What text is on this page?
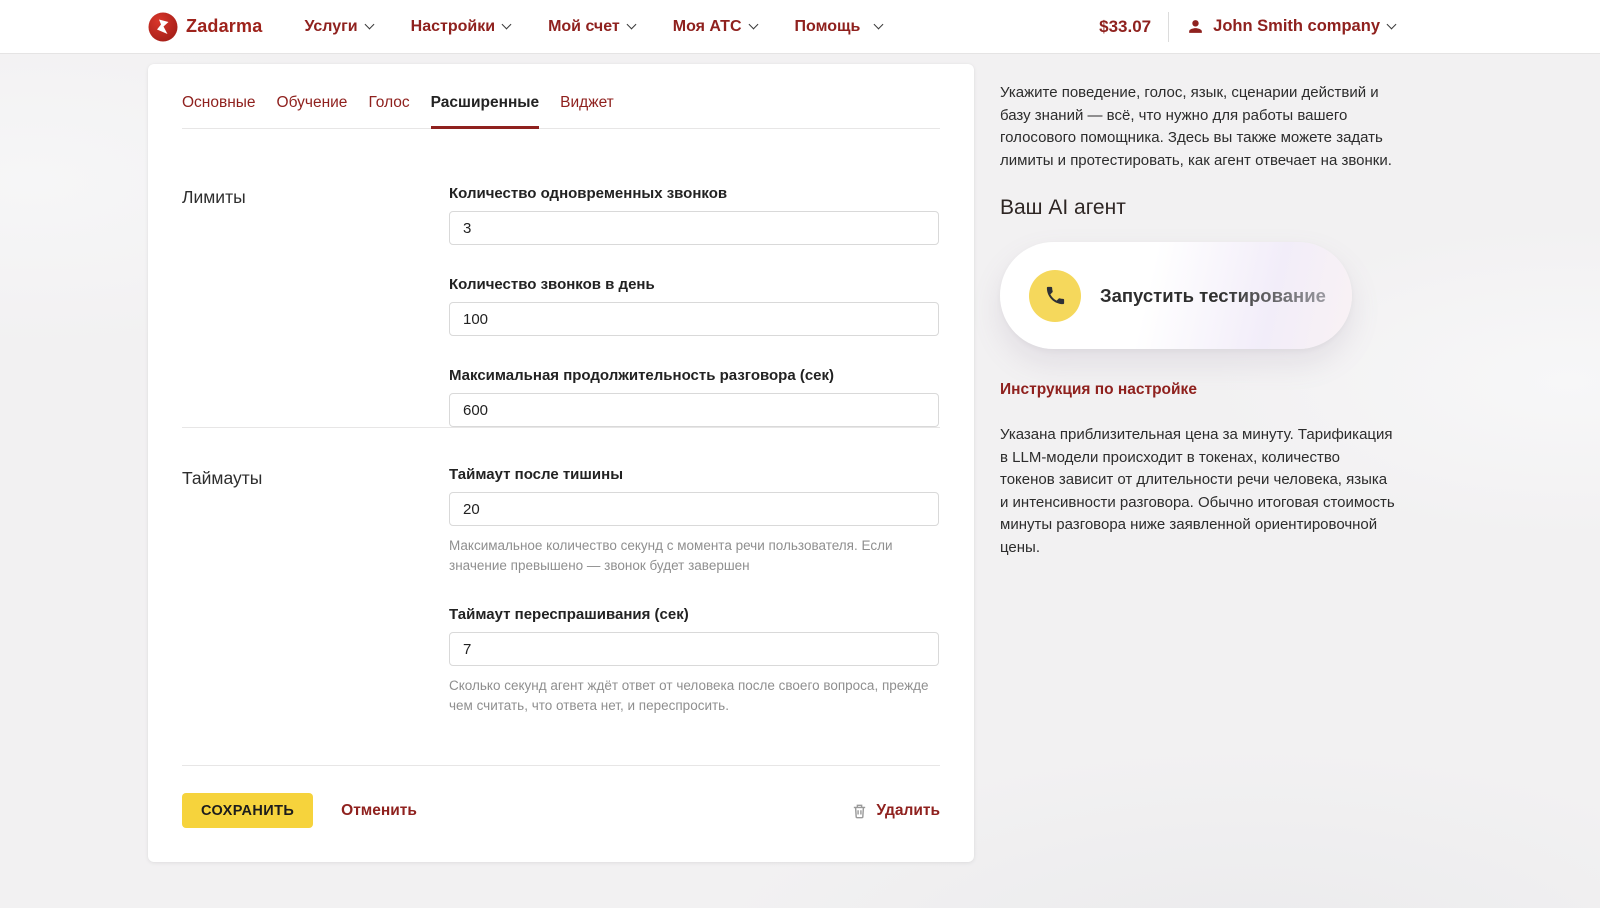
Zadarma	Услуги	Настройки	Мой счет	Моя АТС	Помощь	$33.07	John Smith company
Основные Обучение Голос Расширенные Виджет
Лимиты	Количество одновременных звонков
3
Количество звонков в день
100
Максимальная продолжительность разговора (сек)
600
Таймауты	Таймаут после тишины
20
Максимальное количество секунд с момента речи пользователя. Если значение превышено — звонок будет завершен
Таймаут переспрашивания (сек)
7
Сколько секунд агент ждёт ответ от человека после своего вопроса, прежде чем считать, что ответа нет, и переспросить.
СОХРАНИТЬ	Отменить	Удалить

Укажите поведение, голос, язык, сценарии действий и базу знаний — всё, что нужно для работы вашего голосового помощника. Здесь вы также можете задать лимиты и протестировать, как агент отвечает на звонки.

Ваш AI агент
Запустить тестирование
Инструкция по настройке

Указана приблизительная цена за минуту. Тарификация в LLM-модели происходит в токенах, количество токенов зависит от длительности речи человека, языка и интенсивности разговора. Обычно итоговая стоимость минуты разговора ниже заявленной ориентировочной цены.
